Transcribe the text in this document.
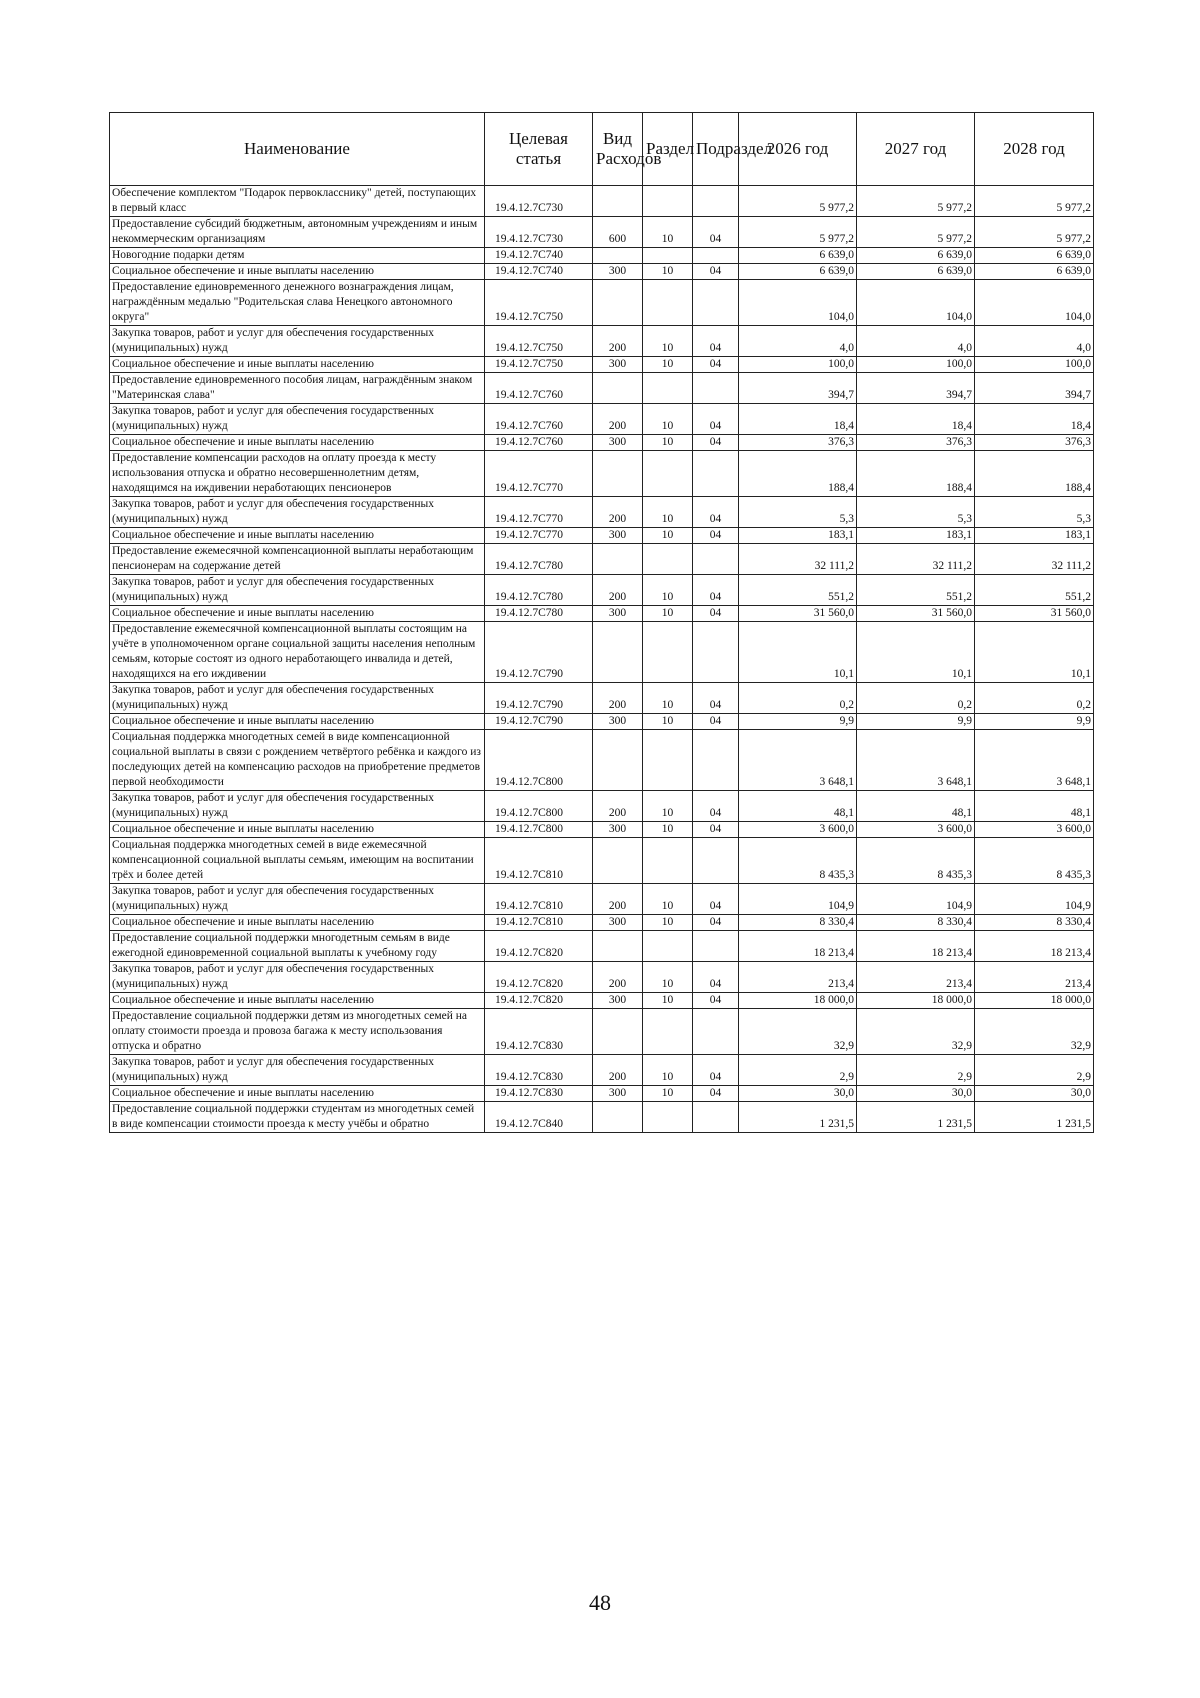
Наименование	Целевая статья	Вид Расходов	Раздел	Подраздел	2026 год	2027 год	2028 год
Обеспечение комплектом "Подарок первокласснику" детей, поступающих в первый класс	19.4.12.7С730				5 977,2	5 977,2	5 977,2
Предоставление субсидий бюджетным, автономным учреждениям и иным некоммерческим организациям	19.4.12.7С730	600	10	04	5 977,2	5 977,2	5 977,2
Новогодние подарки детям	19.4.12.7С740				6 639,0	6 639,0	6 639,0
Социальное обеспечение и иные выплаты населению	19.4.12.7С740	300	10	04	6 639,0	6 639,0	6 639,0
Предоставление единовременного денежного вознаграждения лицам, награждённым медалью "Родительская слава Ненецкого автономного округа"	19.4.12.7С750				104,0	104,0	104,0
Закупка товаров, работ и услуг для обеспечения государственных (муниципальных) нужд	19.4.12.7С750	200	10	04	4,0	4,0	4,0
Социальное обеспечение и иные выплаты населению	19.4.12.7С750	300	10	04	100,0	100,0	100,0
Предоставление единовременного пособия лицам, награждённым знаком "Материнская слава"	19.4.12.7С760				394,7	394,7	394,7
Закупка товаров, работ и услуг для обеспечения государственных (муниципальных) нужд	19.4.12.7С760	200	10	04	18,4	18,4	18,4
Социальное обеспечение и иные выплаты населению	19.4.12.7С760	300	10	04	376,3	376,3	376,3
Предоставление компенсации расходов на оплату проезда к месту использования отпуска и обратно несовершеннолетним детям, находящимся на иждивении неработающих пенсионеров	19.4.12.7С770				188,4	188,4	188,4
Закупка товаров, работ и услуг для обеспечения государственных (муниципальных) нужд	19.4.12.7С770	200	10	04	5,3	5,3	5,3
Социальное обеспечение и иные выплаты населению	19.4.12.7С770	300	10	04	183,1	183,1	183,1
Предоставление ежемесячной компенсационной выплаты неработающим пенсионерам на содержание детей	19.4.12.7С780				32 111,2	32 111,2	32 111,2
Закупка товаров, работ и услуг для обеспечения государственных (муниципальных) нужд	19.4.12.7С780	200	10	04	551,2	551,2	551,2
Социальное обеспечение и иные выплаты населению	19.4.12.7С780	300	10	04	31 560,0	31 560,0	31 560,0
Предоставление ежемесячной компенсационной выплаты состоящим на учёте в уполномоченном органе социальной защиты населения неполным семьям, которые состоят из одного неработающего инвалида и детей, находящихся на его иждивении	19.4.12.7С790				10,1	10,1	10,1
Закупка товаров, работ и услуг для обеспечения государственных (муниципальных) нужд	19.4.12.7С790	200	10	04	0,2	0,2	0,2
Социальное обеспечение и иные выплаты населению	19.4.12.7С790	300	10	04	9,9	9,9	9,9
Социальная поддержка многодетных семей в виде компенсационной социальной выплаты в связи с рождением четвёртого ребёнка и каждого из последующих детей на компенсацию расходов на приобретение предметов первой необходимости	19.4.12.7С800				3 648,1	3 648,1	3 648,1
Закупка товаров, работ и услуг для обеспечения государственных (муниципальных) нужд	19.4.12.7С800	200	10	04	48,1	48,1	48,1
Социальное обеспечение и иные выплаты населению	19.4.12.7С800	300	10	04	3 600,0	3 600,0	3 600,0
Социальная поддержка многодетных семей в виде ежемесячной компенсационной социальной выплаты семьям, имеющим на воспитании трёх и более детей	19.4.12.7С810				8 435,3	8 435,3	8 435,3
Закупка товаров, работ и услуг для обеспечения государственных (муниципальных) нужд	19.4.12.7С810	200	10	04	104,9	104,9	104,9
Социальное обеспечение и иные выплаты населению	19.4.12.7С810	300	10	04	8 330,4	8 330,4	8 330,4
Предоставление социальной поддержки многодетным семьям в виде ежегодной единовременной социальной выплаты к учебному году	19.4.12.7С820				18 213,4	18 213,4	18 213,4
Закупка товаров, работ и услуг для обеспечения государственных (муниципальных) нужд	19.4.12.7С820	200	10	04	213,4	213,4	213,4
Социальное обеспечение и иные выплаты населению	19.4.12.7С820	300	10	04	18 000,0	18 000,0	18 000,0
Предоставление социальной поддержки детям из многодетных семей на оплату стоимости проезда и провоза багажа к месту использования отпуска и обратно	19.4.12.7С830				32,9	32,9	32,9
Закупка товаров, работ и услуг для обеспечения государственных (муниципальных) нужд	19.4.12.7С830	200	10	04	2,9	2,9	2,9
Социальное обеспечение и иные выплаты населению	19.4.12.7С830	300	10	04	30,0	30,0	30,0
Предоставление социальной поддержки студентам из многодетных семей в виде компенсации стоимости проезда к месту учёбы и обратно	19.4.12.7С840				1 231,5	1 231,5	1 231,5
48
